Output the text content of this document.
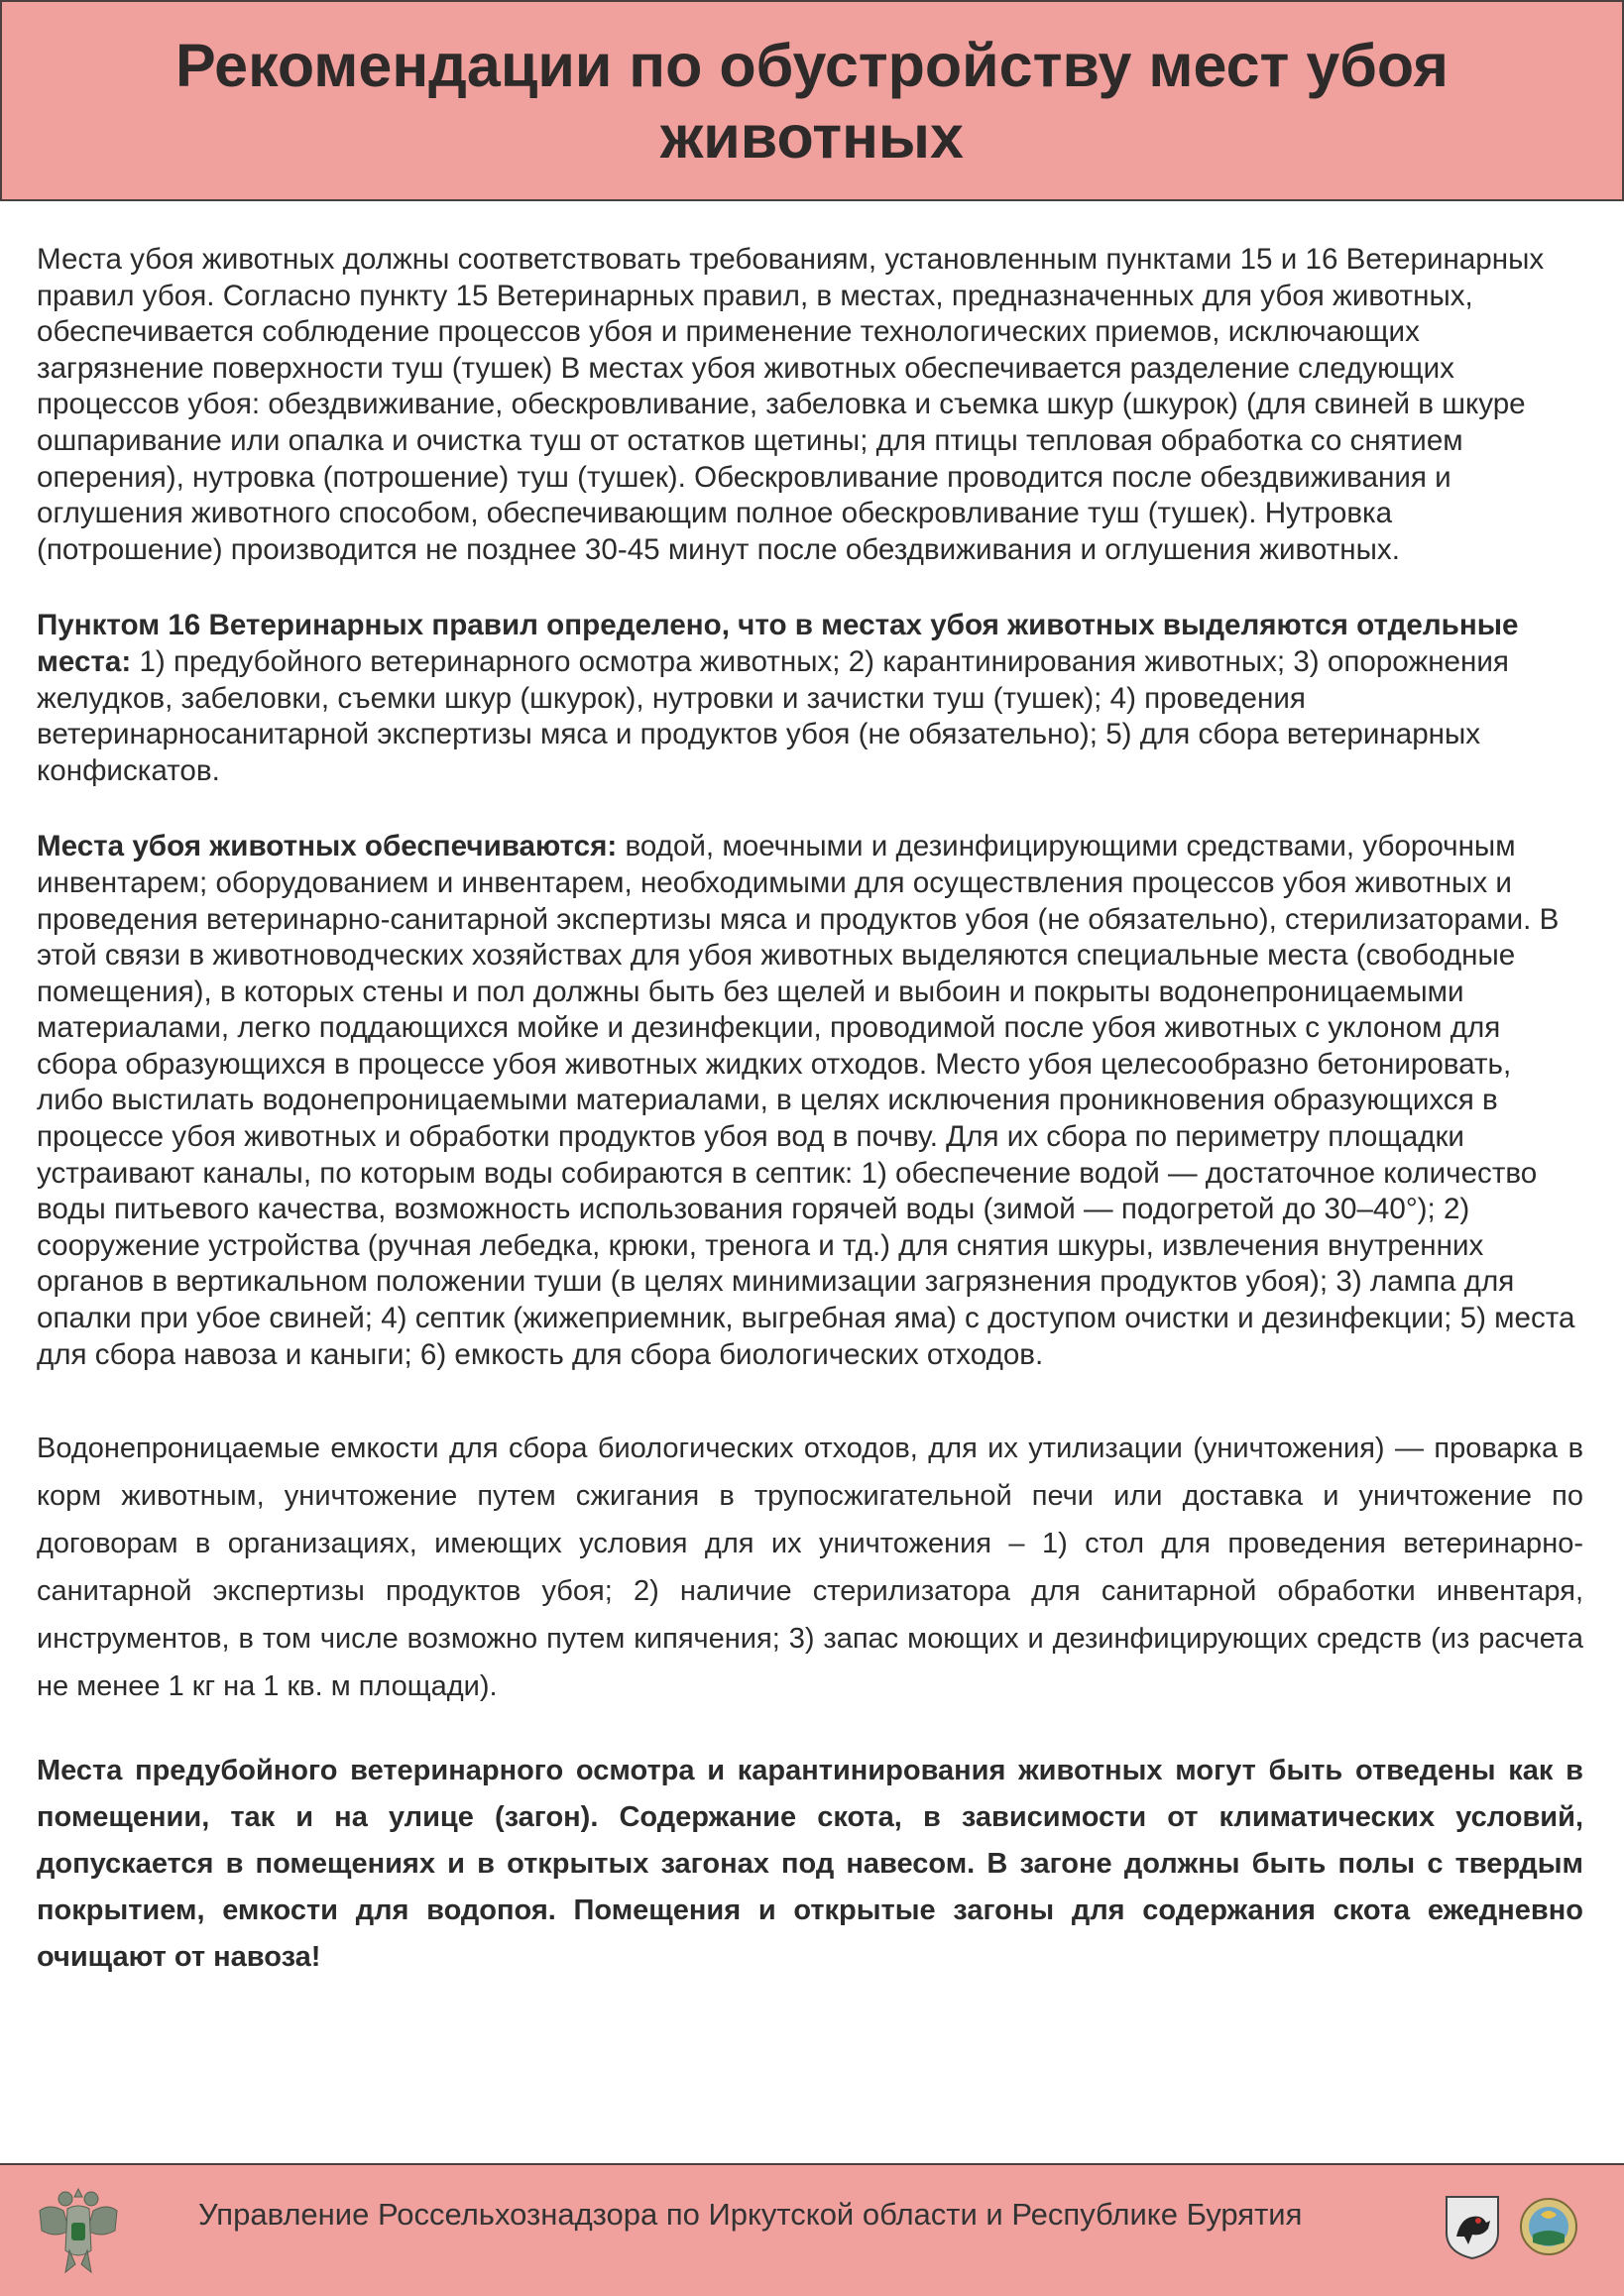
Рекомендации по обустройству мест убоя животных

Места убоя животных должны соответствовать требованиям, установленным пунктами 15 и 16 Ветеринарных правил убоя. Согласно пункту 15 Ветеринарных правил, в местах, предназначенных для убоя животных, обеспечивается соблюдение процессов убоя и применение технологических приемов, исключающих загрязнение поверхности туш (тушек) В местах убоя животных обеспечивается разделение следующих процессов убоя: обездвиживание, обескровливание, забеловка и съемка шкур (шкурок) (для свиней в шкуре ошпаривание или опалка и очистка туш от остатков щетины; для птицы тепловая обработка со снятием оперения), нутровка (потрошение) туш (тушек). Обескровливание проводится после обездвиживания и оглушения животного способом, обеспечивающим полное обескровливание туш (тушек). Нутровка (потрошение) производится не позднее 30-45 минут после обездвиживания и оглушения животных.

Пунктом 16 Ветеринарных правил определено, что в местах убоя животных выделяются отдельные места: 1) предубойного ветеринарного осмотра животных; 2) карантинирования животных; 3) опорожнения желудков, забеловки, съемки шкур (шкурок), нутровки и зачистки туш (тушек); 4) проведения ветеринарносанитарной экспертизы мяса и продуктов убоя (не обязательно); 5) для сбора ветеринарных конфискатов.

Места убоя животных обеспечиваются: водой, моечными и дезинфицирующими средствами, уборочным инвентарем; оборудованием и инвентарем, необходимыми для осуществления процессов убоя животных и проведения ветеринарно-санитарной экспертизы мяса и продуктов убоя (не обязательно), стерилизаторами. В этой связи в животноводческих хозяйствах для убоя животных выделяются специальные места (свободные помещения), в которых стены и пол должны быть без щелей и выбоин и покрыты водонепроницаемыми материалами, легко поддающихся мойке и дезинфекции, проводимой после убоя животных с уклоном для сбора образующихся в процессе убоя животных жидких отходов. Место убоя целесообразно бетонировать, либо выстилать водонепроницаемыми материалами, в целях исключения проникновения образующихся в процессе убоя животных и обработки продуктов убоя вод в почву. Для их сбора по периметру площадки устраивают каналы, по которым воды собираются в септик: 1) обеспечение водой — достаточное количество воды питьевого качества, возможность использования горячей воды (зимой — подогретой до 30–40°); 2) сооружение устройства (ручная лебедка, крюки, тренога и тд.) для снятия шкуры, извлечения внутренних органов в вертикальном положении туши (в целях минимизации загрязнения продуктов убоя); 3) лампа для опалки при убое свиней; 4) септик (жижеприемник, выгребная яма) с доступом очистки и дезинфекции; 5) места для сбора навоза и каныги; 6) емкость для сбора биологических отходов.

Водонепроницаемые емкости для сбора биологических отходов, для их утилизации (уничтожения) — проварка в корм животным, уничтожение путем сжигания в трупосжигательной печи или доставка и уничтожение по договорам в организациях, имеющих условия для их уничтожения – 1) стол для проведения ветеринарно-санитарной экспертизы продуктов убоя; 2) наличие стерилизатора для санитарной обработки инвентаря, инструментов, в том числе возможно путем кипячения; 3) запас моющих и дезинфицирующих средств (из расчета не менее 1 кг на 1 кв. м площади).

Места предубойного ветеринарного осмотра и карантинирования животных могут быть отведены как в помещении, так и на улице (загон). Содержание скота, в зависимости от климатических условий, допускается в помещениях и в открытых загонах под навесом. В загоне должны быть полы с твердым покрытием, емкости для водопоя. Помещения и открытые загоны для содержания скота ежедневно очищают от навоза!

Управление Россельхознадзора по Иркутской области и Республике Бурятия
